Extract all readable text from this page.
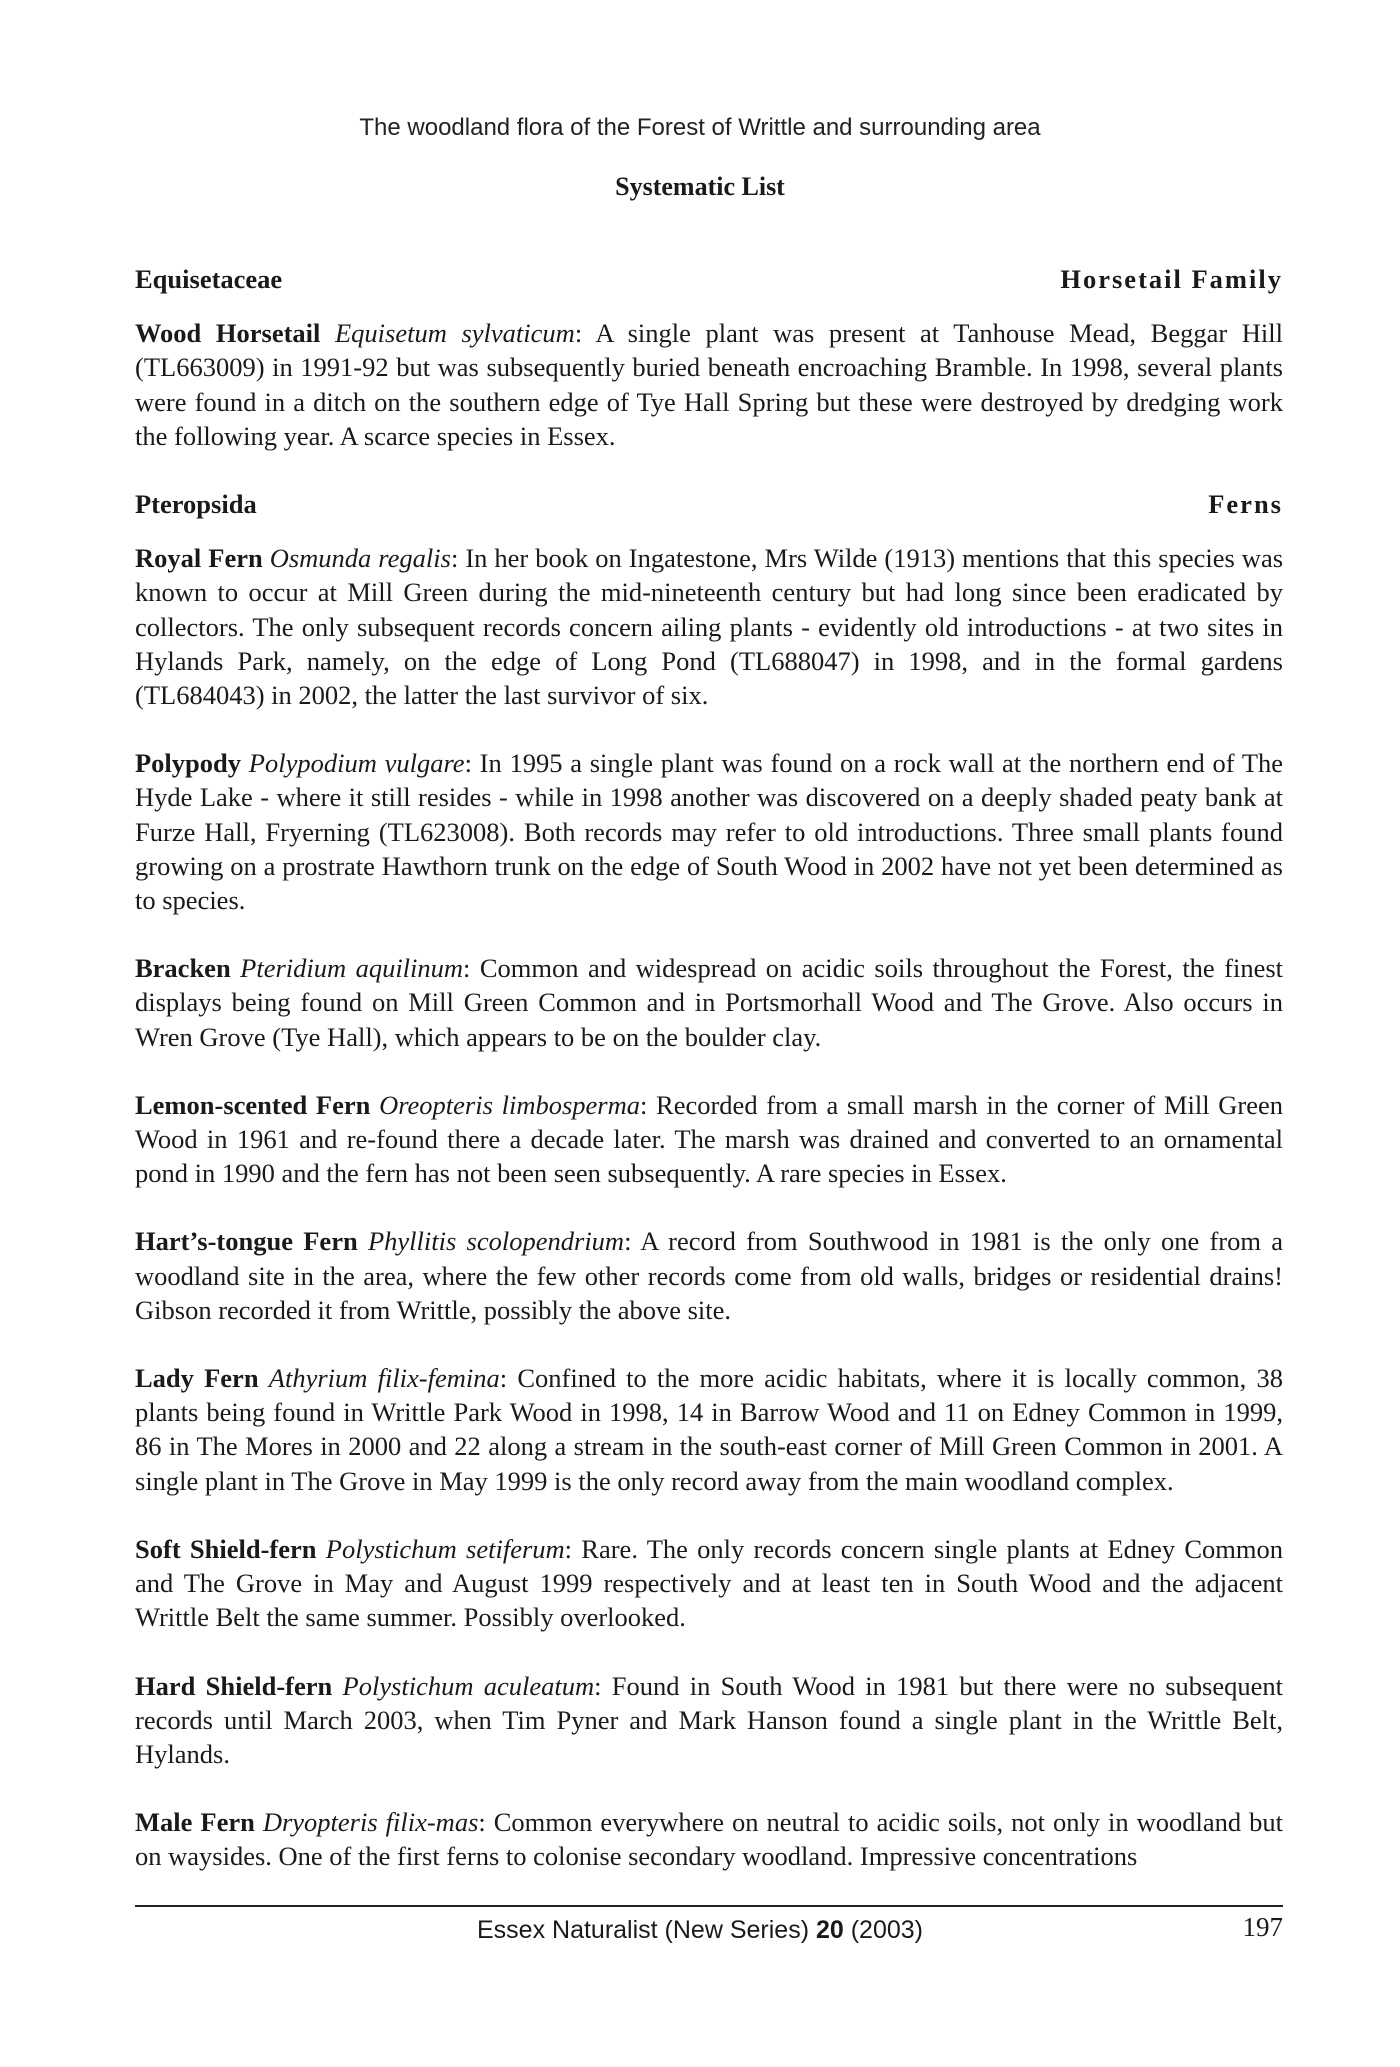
The woodland flora of the Forest of Writtle and surrounding area
Systematic List
Equisetaceae	Horsetail Family

Wood Horsetail Equisetum sylvaticum: A single plant was present at Tanhouse Mead, Beggar Hill (TL663009) in 1991-92 but was subsequently buried beneath encroaching Bramble. In 1998, several plants were found in a ditch on the southern edge of Tye Hall Spring but these were destroyed by dredging work the following year. A scarce species in Essex.

Pteropsida	Ferns

Royal Fern Osmunda regalis: In her book on Ingatestone, Mrs Wilde (1913) mentions that this species was known to occur at Mill Green during the mid-nineteenth century but had long since been eradicated by collectors. The only subsequent records concern ailing plants - evidently old introductions - at two sites in Hylands Park, namely, on the edge of Long Pond (TL688047) in 1998, and in the formal gardens (TL684043) in 2002, the latter the last survivor of six.

Polypody Polypodium vulgare: In 1995 a single plant was found on a rock wall at the northern end of The Hyde Lake - where it still resides - while in 1998 another was discovered on a deeply shaded peaty bank at Furze Hall, Fryerning (TL623008). Both records may refer to old introductions. Three small plants found growing on a prostrate Hawthorn trunk on the edge of South Wood in 2002 have not yet been determined as to species.

Bracken Pteridium aquilinum: Common and widespread on acidic soils throughout the Forest, the finest displays being found on Mill Green Common and in Portsmorhall Wood and The Grove. Also occurs in Wren Grove (Tye Hall), which appears to be on the boulder clay.

Lemon-scented Fern Oreopteris limbosperma: Recorded from a small marsh in the corner of Mill Green Wood in 1961 and re-found there a decade later. The marsh was drained and converted to an ornamental pond in 1990 and the fern has not been seen subsequently. A rare species in Essex.

Hart’s-tongue Fern Phyllitis scolopendrium: A record from Southwood in 1981 is the only one from a woodland site in the area, where the few other records come from old walls, bridges or residential drains! Gibson recorded it from Writtle, possibly the above site.

Lady Fern Athyrium filix-femina: Confined to the more acidic habitats, where it is locally common, 38 plants being found in Writtle Park Wood in 1998, 14 in Barrow Wood and 11 on Edney Common in 1999, 86 in The Mores in 2000 and 22 along a stream in the south-east corner of Mill Green Common in 2001. A single plant in The Grove in May 1999 is the only record away from the main woodland complex.

Soft Shield-fern Polystichum setiferum: Rare. The only records concern single plants at Edney Common and The Grove in May and August 1999 respectively and at least ten in South Wood and the adjacent Writtle Belt the same summer. Possibly overlooked.

Hard Shield-fern Polystichum aculeatum: Found in South Wood in 1981 but there were no subsequent records until March 2003, when Tim Pyner and Mark Hanson found a single plant in the Writtle Belt, Hylands.

Male Fern Dryopteris filix-mas: Common everywhere on neutral to acidic soils, not only in woodland but on waysides. One of the first ferns to colonise secondary woodland. Impressive concentrations

Essex Naturalist (New Series) 20 (2003)	197
